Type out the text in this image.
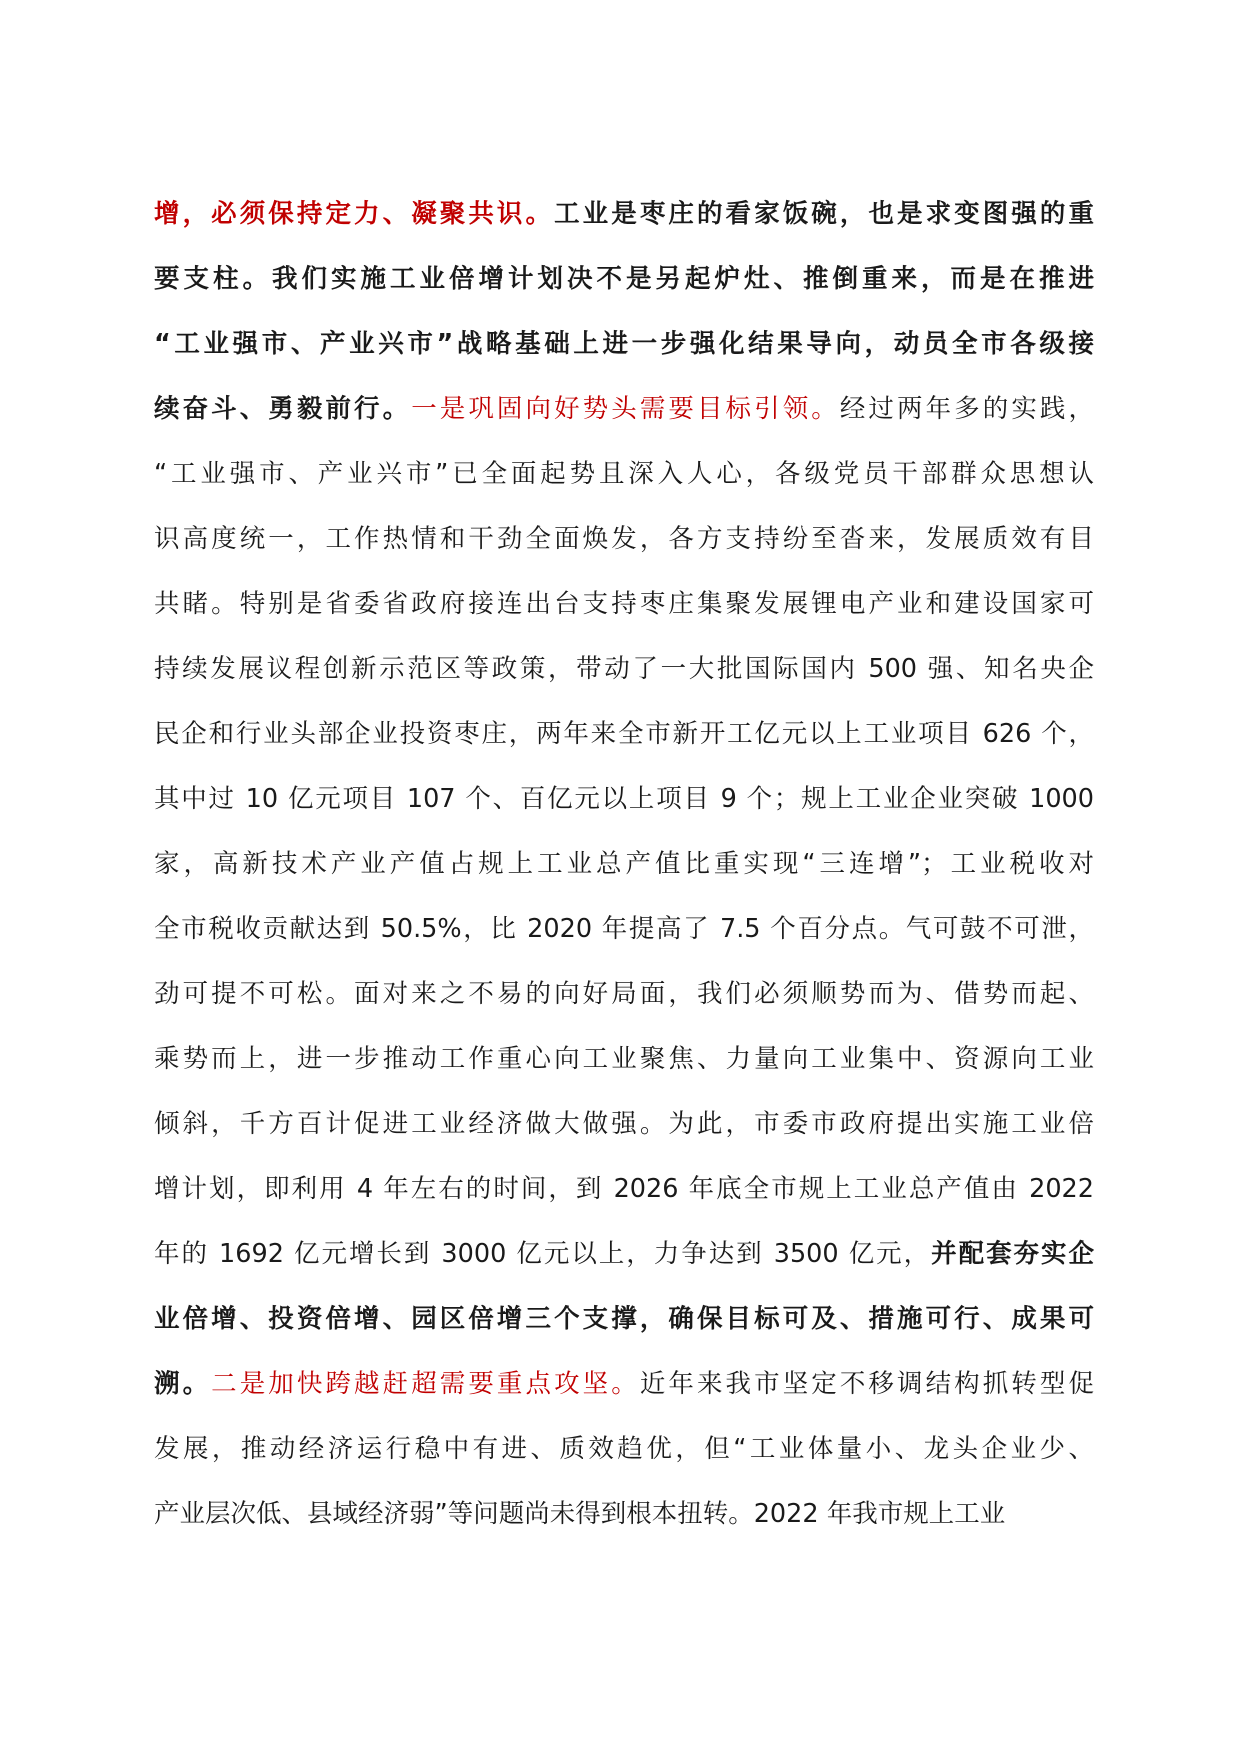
增，必须保持定力、凝聚共识。工业是枣庄的看家饭碗，也是求变图强的重
要支柱。我们实施工业倍增计划决不是另起炉灶、推倒重来，而是在推进
“工业强市、产业兴市”战略基础上进一步强化结果导向，动员全市各级接
续奋斗、勇毅前行。一是巩固向好势头需要目标引领。经过两年多的实践，
“工业强市、产业兴市”已全面起势且深入人心，各级党员干部群众思想认
识高度统一，工作热情和干劲全面焕发，各方支持纷至沓来，发展质效有目
共睹。特别是省委省政府接连出台支持枣庄集聚发展锂电产业和建设国家可
持续发展议程创新示范区等政策，带动了一大批国际国内 500 强、知名央企
民企和行业头部企业投资枣庄，两年来全市新开工亿元以上工业项目 626 个，
其中过 10 亿元项目 107 个、百亿元以上项目 9 个；规上工业企业突破 1000
家，高新技术产业产值占规上工业总产值比重实现“三连增”；工业税收对
全市税收贡献达到 50.5%，比 2020 年提高了 7.5 个百分点。气可鼓不可泄，
劲可提不可松。面对来之不易的向好局面，我们必须顺势而为、借势而起、
乘势而上，进一步推动工作重心向工业聚焦、力量向工业集中、资源向工业
倾斜，千方百计促进工业经济做大做强。为此，市委市政府提出实施工业倍
增计划，即利用 4 年左右的时间，到 2026 年底全市规上工业总产值由 2022
年的 1692 亿元增长到 3000 亿元以上，力争达到 3500 亿元，并配套夯实企
业倍增、投资倍增、园区倍增三个支撑，确保目标可及、措施可行、成果可
溯。二是加快跨越赶超需要重点攻坚。近年来我市坚定不移调结构抓转型促
发展，推动经济运行稳中有进、质效趋优，但“工业体量小、龙头企业少、
产业层次低、县域经济弱”等问题尚未得到根本扭转。2022 年我市规上工业
